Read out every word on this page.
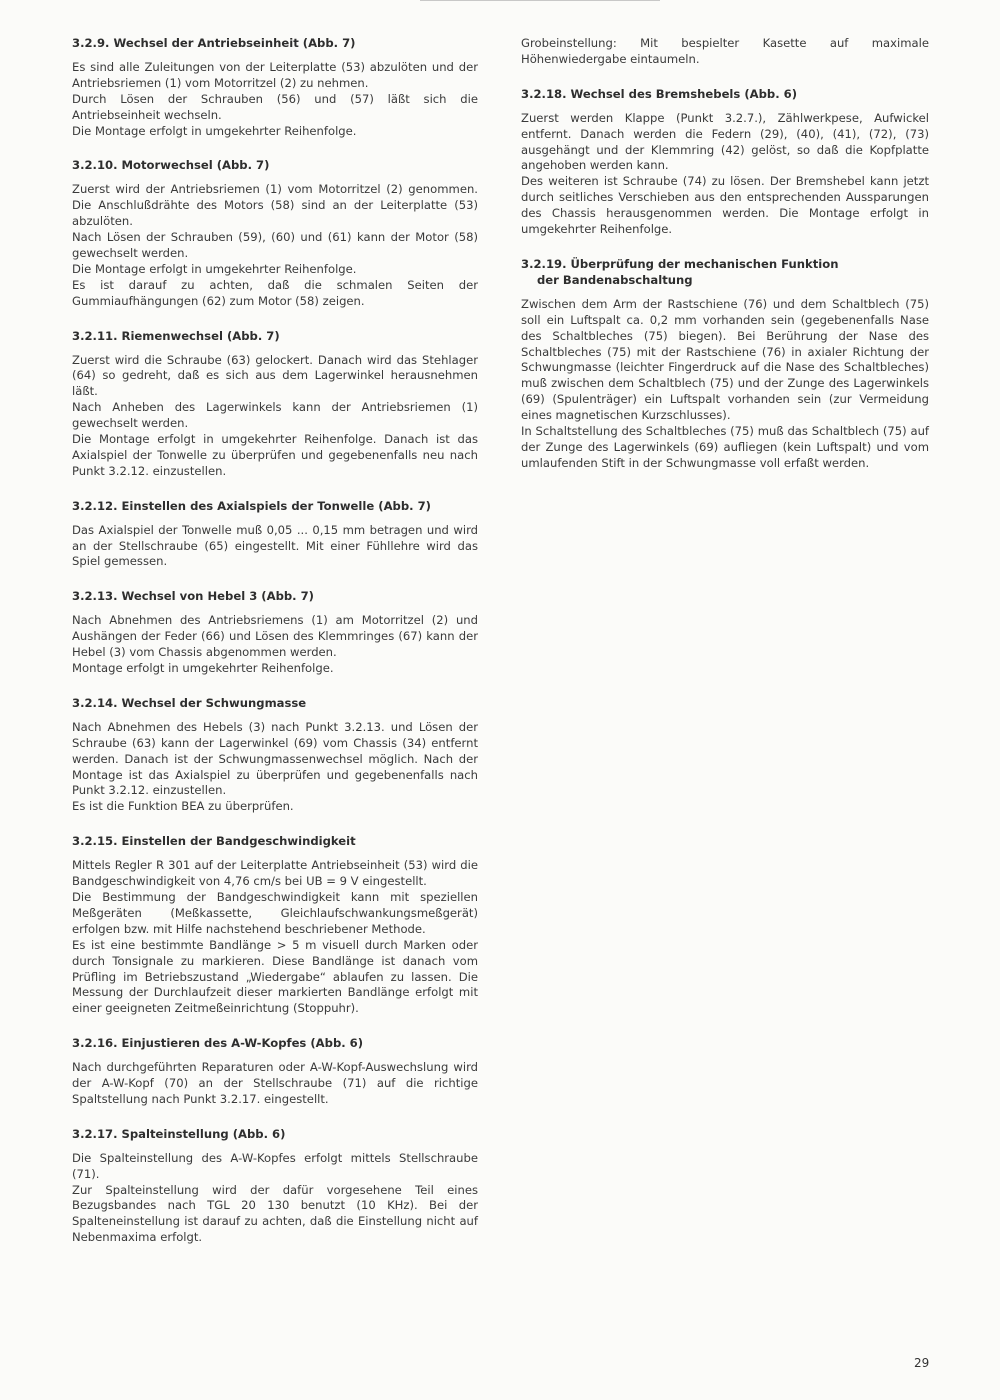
3.2.9. Wechsel der Antriebseinheit (Abb. 7)

Es sind alle Zuleitungen von der Leiterplatte (53) abzulöten und der Antriebsriemen (1) vom Motorritzel (2) zu nehmen.

Durch Lösen der Schrauben (56) und (57) läßt sich die Antriebseinheit wechseln.

Die Montage erfolgt in umgekehrter Reihenfolge.

3.2.10. Motorwechsel (Abb. 7)

Zuerst wird der Antriebsriemen (1) vom Motorritzel (2) genommen. Die Anschlußdrähte des Motors (58) sind an der Leiterplatte (53) abzulöten.

Nach Lösen der Schrauben (59), (60) und (61) kann der Motor (58) gewechselt werden.

Die Montage erfolgt in umgekehrter Reihenfolge.

Es ist darauf zu achten, daß die schmalen Seiten der Gummiaufhängungen (62) zum Motor (58) zeigen.

3.2.11. Riemenwechsel (Abb. 7)

Zuerst wird die Schraube (63) gelockert. Danach wird das Stehlager (64) so gedreht, daß es sich aus dem Lagerwinkel herausnehmen läßt.

Nach Anheben des Lagerwinkels kann der Antriebsriemen (1) gewechselt werden.

Die Montage erfolgt in umgekehrter Reihenfolge. Danach ist das Axialspiel der Tonwelle zu überprüfen und gegebenenfalls neu nach Punkt 3.2.12. einzustellen.

3.2.12. Einstellen des Axialspiels der Tonwelle (Abb. 7)

Das Axialspiel der Tonwelle muß 0,05 ... 0,15 mm betragen und wird an der Stellschraube (65) eingestellt. Mit einer Fühllehre wird das Spiel gemessen.

3.2.13. Wechsel von Hebel 3 (Abb. 7)

Nach Abnehmen des Antriebsriemens (1) am Motorritzel (2) und Aushängen der Feder (66) und Lösen des Klemmringes (67) kann der Hebel (3) vom Chassis abgenommen werden.

Montage erfolgt in umgekehrter Reihenfolge.

3.2.14. Wechsel der Schwungmasse

Nach Abnehmen des Hebels (3) nach Punkt 3.2.13. und Lösen der Schraube (63) kann der Lagerwinkel (69) vom Chassis (34) entfernt werden. Danach ist der Schwungmassenwechsel möglich. Nach der Montage ist das Axialspiel zu überprüfen und gegebenenfalls nach Punkt 3.2.12. einzustellen.

Es ist die Funktion BEA zu überprüfen.

3.2.15. Einstellen der Bandgeschwindigkeit

Mittels Regler R 301 auf der Leiterplatte Antriebseinheit (53) wird die Bandgeschwindigkeit von 4,76 cm/s bei UB = 9 V eingestellt.

Die Bestimmung der Bandgeschwindigkeit kann mit speziellen Meßgeräten (Meßkassette, Gleichlaufschwankungsmeßgerät) erfolgen bzw. mit Hilfe nachstehend beschriebener Methode.

Es ist eine bestimmte Bandlänge > 5 m visuell durch Marken oder durch Tonsignale zu markieren. Diese Bandlänge ist danach vom Prüfling im Betriebszustand „Wiedergabe“ ablaufen zu lassen. Die Messung der Durchlaufzeit dieser markierten Bandlänge erfolgt mit einer geeigneten Zeitmeßeinrichtung (Stoppuhr).

3.2.16. Einjustieren des A-W-Kopfes (Abb. 6)

Nach durchgeführten Reparaturen oder A-W-Kopf-Auswechslung wird der A-W-Kopf (70) an der Stellschraube (71) auf die richtige Spaltstellung nach Punkt 3.2.17. eingestellt.

3.2.17. Spalteinstellung (Abb. 6)

Die Spalteinstellung des A-W-Kopfes erfolgt mittels Stellschraube (71).

Zur Spalteinstellung wird der dafür vorgesehene Teil eines Bezugsbandes nach TGL 20 130 benutzt (10 KHz). Bei der Spalteneinstellung ist darauf zu achten, daß die Einstellung nicht auf Nebenmaxima erfolgt.

Grobeinstellung: Mit bespielter Kasette auf maximale Höhenwiedergabe eintaumeln.

3.2.18. Wechsel des Bremshebels (Abb. 6)

Zuerst werden Klappe (Punkt 3.2.7.), Zählwerkpese, Aufwickel entfernt. Danach werden die Federn (29), (40), (41), (72), (73) ausgehängt und der Klemmring (42) gelöst, so daß die Kopfplatte angehoben werden kann.

Des weiteren ist Schraube (74) zu lösen. Der Bremshebel kann jetzt durch seitliches Verschieben aus den entsprechenden Aussparungen des Chassis herausgenommen werden. Die Montage erfolgt in umgekehrter Reihenfolge.

3.2.19. Überprüfung der mechanischen Funktion
der Bandenabschaltung

Zwischen dem Arm der Rastschiene (76) und dem Schaltblech (75) soll ein Luftspalt ca. 0,2 mm vorhanden sein (gegebenenfalls Nase des Schaltbleches (75) biegen). Bei Berührung der Nase des Schaltbleches (75) mit der Rastschiene (76) in axialer Richtung der Schwungmasse (leichter Fingerdruck auf die Nase des Schaltbleches) muß zwischen dem Schaltblech (75) und der Zunge des Lagerwinkels (69) (Spulenträger) ein Luftspalt vorhanden sein (zur Vermeidung eines magnetischen Kurzschlusses).

In Schaltstellung des Schaltbleches (75) muß das Schaltblech (75) auf der Zunge des Lagerwinkels (69) aufliegen (kein Luftspalt) und vom umlaufenden Stift in der Schwungmasse voll erfaßt werden.

29
